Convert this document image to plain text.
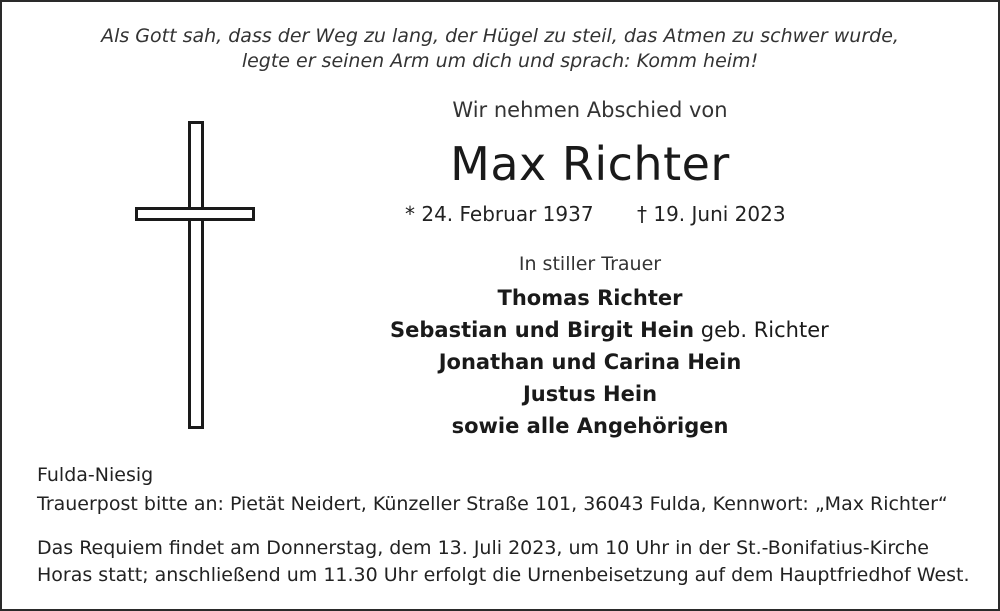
Als Gott sah, dass der Weg zu lang, der Hügel zu steil, das Atmen zu schwer wurde,
legte er seinen Arm um dich und sprach: Komm heim!
Wir nehmen Abschied von
Max Richter
* 24. Februar 1937 † 19. Juni 2023
In stiller Trauer
Thomas Richter
Sebastian und Birgit Hein geb. Richter
Jonathan und Carina Hein
Justus Hein
sowie alle Angehörigen
Fulda-Niesig
Trauerpost bitte an: Pietät Neidert, Künzeller Straße 101, 36043 Fulda, Kennwort: „Max Richter“
Das Requiem findet am Donnerstag, dem 13. Juli 2023, um 10 Uhr in der St.-Bonifatius-Kirche
Horas statt; anschließend um 11.30 Uhr erfolgt die Urnenbeisetzung auf dem Hauptfriedhof West.
